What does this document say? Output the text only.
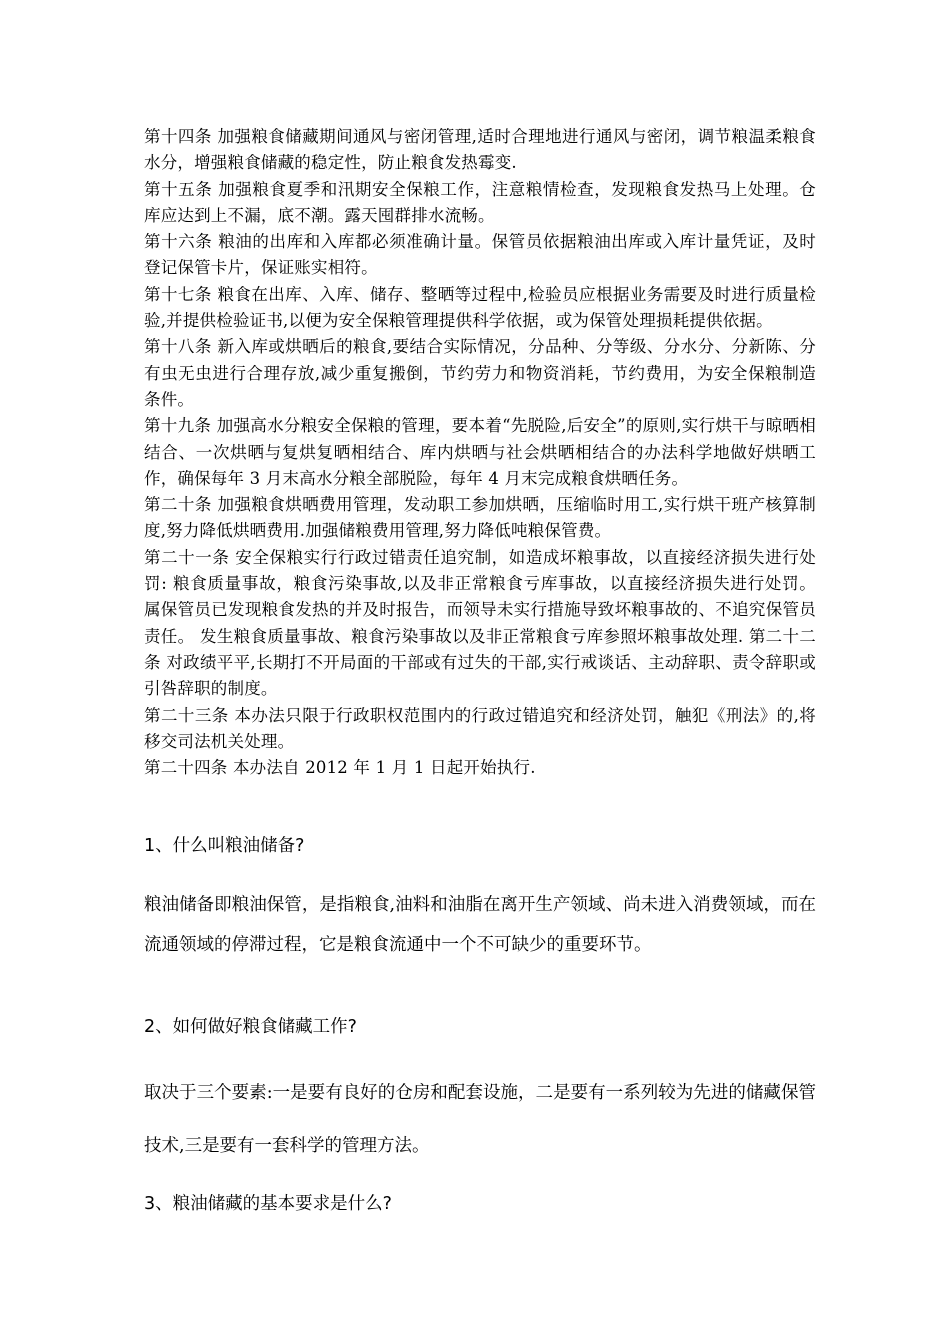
第十四条 加强粮食储藏期间通风与密闭管理,适时合理地进行通风与密闭，调节粮温柔粮食水分，增强粮食储藏的稳定性，防止粮食发热霉变.

第十五条 加强粮食夏季和汛期安全保粮工作，注意粮情检查，发现粮食发热马上处理。仓库应达到上不漏，底不潮。露天囤群排水流畅。

第十六条 粮油的出库和入库都必须准确计量。保管员依据粮油出库或入库计量凭证，及时登记保管卡片，保证账实相符。

第十七条 粮食在出库、入库、储存、整晒等过程中,检验员应根据业务需要及时进行质量检验,并提供检验证书,以便为安全保粮管理提供科学依据，或为保管处理损耗提供依据。

第十八条 新入库或烘晒后的粮食,要结合实际情况，分品种、分等级、分水分、分新陈、分有虫无虫进行合理存放,减少重复搬倒，节约劳力和物资消耗，节约费用，为安全保粮制造条件。

第十九条 加强高水分粮安全保粮的管理，要本着“先脱险,后安全”的原则,实行烘干与晾晒相结合、一次烘晒与复烘复晒相结合、库内烘晒与社会烘晒相结合的办法科学地做好烘晒工作，确保每年 3 月末高水分粮全部脱险，每年 4 月末完成粮食烘晒任务。

第二十条 加强粮食烘晒费用管理，发动职工参加烘晒，压缩临时用工,实行烘干班产核算制度,努力降低烘晒费用.加强储粮费用管理,努力降低吨粮保管费。

第二十一条 安全保粮实行行政过错责任追究制，如造成坏粮事故，以直接经济损失进行处罚: 粮食质量事故，粮食污染事故,以及非正常粮食亏库事故，以直接经济损失进行处罚。 属保管员已发现粮食发热的并及时报告，而领导未实行措施导致坏粮事故的、不追究保管员责任。 发生粮食质量事故、粮食污染事故以及非正常粮食亏库参照坏粮事故处理. 第二十二条 对政绩平平,长期打不开局面的干部或有过失的干部,实行戒谈话、主动辞职、责令辞职或引咎辞职的制度。

第二十三条 本办法只限于行政职权范围内的行政过错追究和经济处罚，触犯《刑法》的,将移交司法机关处理。

第二十四条 本办法自 2012 年 1 月 1 日起开始执行.

1、什么叫粮油储备?

粮油储备即粮油保管，是指粮食,油料和油脂在离开生产领域、尚未进入消费领域，而在流通领域的停滞过程，它是粮食流通中一个不可缺少的重要环节。

2、如何做好粮食储藏工作?

取决于三个要素:一是要有良好的仓房和配套设施，二是要有一系列较为先进的储藏保管技术,三是要有一套科学的管理方法。

3、粮油储藏的基本要求是什么?
